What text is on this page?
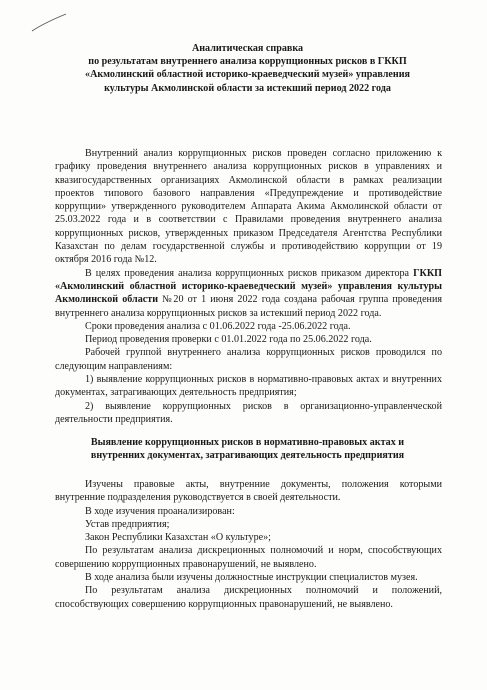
Аналитическая справка
по результатам внутреннего анализа коррупционных рисков в ГККП
«Акмолинский областной историко-краеведческий музей» управления
культуры Акмолинской области за истекший период 2022 года

Внутренний анализ коррупционных рисков проведен согласно приложению к графику проведения внутреннего анализа коррупционных рисков в управлениях и квазигосударственных организациях Акмолинской области в рамках реализации проектов типового базового направления «Предупреждение и противодействие коррупции» утвержденного руководителем Аппарата Акима Акмолинской области от 25.03.2022 года и в соответствии с Правилами проведения внутреннего анализа коррупционных рисков, утвержденных приказом Председателя Агентства Республики Казахстан по делам государственной службы и противодействию коррупции от 19 октября 2016 года №12.

В целях проведения анализа коррупционных рисков приказом директора ГККП «Акмолинский областной историко-краеведческий музей» управления культуры Акмолинской области №20 от 1 июня 2022 года создана рабочая группа проведения внутреннего анализа коррупционных рисков за истекший период 2022 года.

Сроки проведения анализа с 01.06.2022 года -25.06.2022 года.

Период проведения проверки с 01.01.2022 года по 25.06.2022 года.

Рабочей группой внутреннего анализа коррупционных рисков проводился по следующим направлениям:

1) выявление коррупционных рисков в нормативно-правовых актах и внутренних документах, затрагивающих деятельность предприятия;

2) выявление коррупционных рисков в организационно-управленческой деятельности предприятия.

Выявление коррупционных рисков в нормативно-правовых актах и
внутренних документах, затрагивающих деятельность предприятия

Изучены правовые акты, внутренние документы, положения которыми внутренние подразделения руководствуется в своей деятельности.

В ходе изучения проанализирован:

Устав предприятия;

Закон Республики Казахстан «О культуре»;

По результатам анализа дискреционных полномочий и норм, способствующих совершению коррупционных правонарушений, не выявлено.

В ходе анализа были изучены должностные инструкции специалистов музея.

По результатам анализа дискреционных полномочий и положений, способствующих совершению коррупционных правонарушений, не выявлено.
